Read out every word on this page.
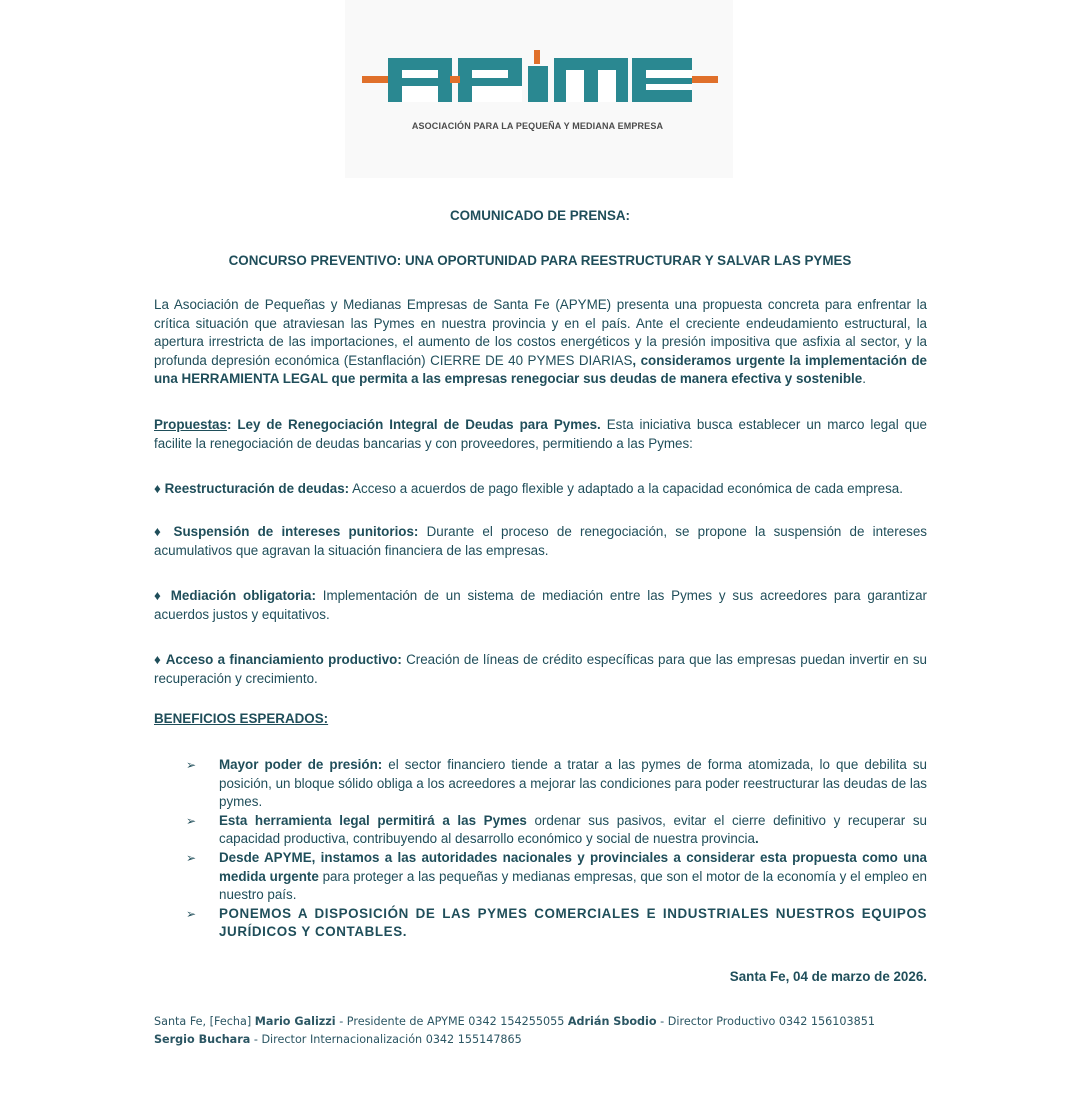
ASOCIACIÓN PARA LA PEQUEÑA Y MEDIANA EMPRESA
COMUNICADO DE PRENSA:
CONCURSO PREVENTIVO: UNA OPORTUNIDAD PARA REESTRUCTURAR Y SALVAR LAS PYMES

La Asociación de Pequeñas y Medianas Empresas de Santa Fe (APYME) presenta una propuesta concreta para enfrentar la crítica situación que atraviesan las Pymes en nuestra provincia y en el país. Ante el creciente endeudamiento estructural, la apertura irrestricta de las importaciones, el aumento de los costos energéticos y la presión impositiva que asfixia al sector, y la profunda depresión económica (Estanflación) CIERRE DE 40 PYMES DIARIAS, consideramos urgente la implementación de una HERRAMIENTA LEGAL que permita a las empresas renegociar sus deudas de manera efectiva y sostenible.

Propuestas: Ley de Renegociación Integral de Deudas para Pymes. Esta iniciativa busca establecer un marco legal que facilite la renegociación de deudas bancarias y con proveedores, permitiendo a las Pymes:

♦ Reestructuración de deudas: Acceso a acuerdos de pago flexible y adaptado a la capacidad económica de cada empresa.

♦ Suspensión de intereses punitorios: Durante el proceso de renegociación, se propone la suspensión de intereses acumulativos que agravan la situación financiera de las empresas.

♦ Mediación obligatoria: Implementación de un sistema de mediación entre las Pymes y sus acreedores para garantizar acuerdos justos y equitativos.

♦ Acceso a financiamiento productivo: Creación de líneas de crédito específicas para que las empresas puedan invertir en su recuperación y crecimiento.

BENEFICIOS ESPERADOS:
➢ Mayor poder de presión: el sector financiero tiende a tratar a las pymes de forma atomizada, lo que debilita su posición, un bloque sólido obliga a los acreedores a mejorar las condiciones para poder reestructurar las deudas de las pymes.
➢ Esta herramienta legal permitirá a las Pymes ordenar sus pasivos, evitar el cierre definitivo y recuperar su capacidad productiva, contribuyendo al desarrollo económico y social de nuestra provincia.
➢ Desde APYME, instamos a las autoridades nacionales y provinciales a considerar esta propuesta como una medida urgente para proteger a las pequeñas y medianas empresas, que son el motor de la economía y el empleo en nuestro país.
➢ PONEMOS A DISPOSICIÓN DE LAS PYMES COMERCIALES E INDUSTRIALES NUESTROS EQUIPOS JURÍDICOS Y CONTABLES.
Santa Fe, 04 de marzo de 2026.
Santa Fe, [Fecha] Mario Galizzi - Presidente de APYME 0342 154255055 Adrián Sbodio - Director Productivo 0342 156103851
Sergio Buchara - Director Internacionalización 0342 155147865
